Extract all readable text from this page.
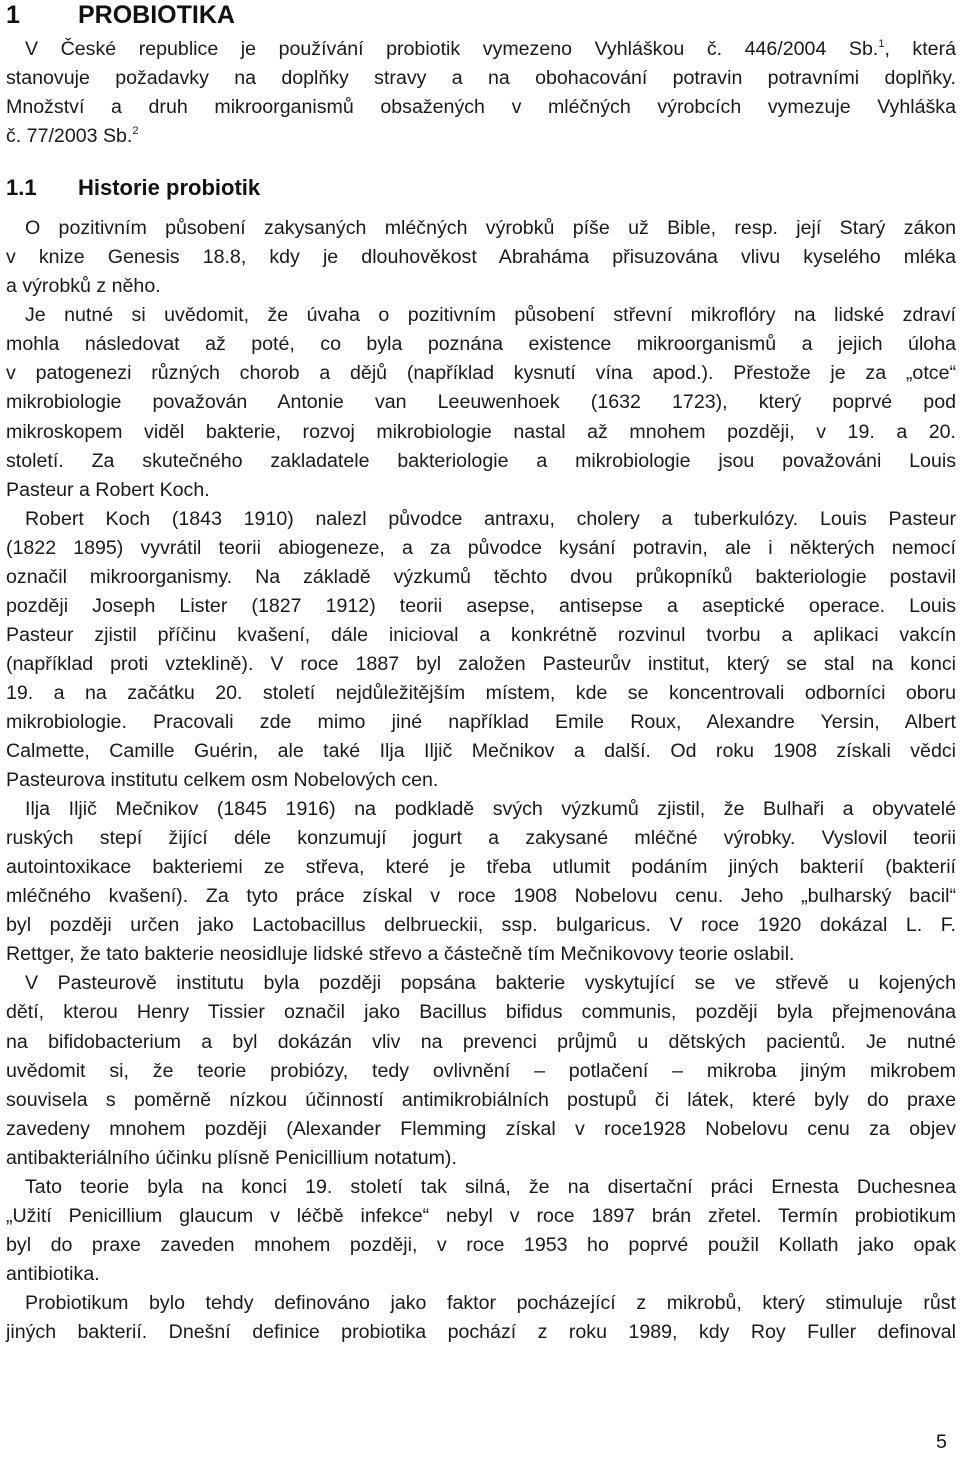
1 PROBIOTIKA
V České republice je používání probiotik vymezeno Vyhláškou č. 446/2004 Sb.$^1$, která
stanovuje požadavky na doplňky stravy a na obohacování potravin potravními doplňky.
Množství a druh mikroorganismů obsažených v mléčných výrobcích vymezuje Vyhláška
č. 77/2003 Sb.$^2$
1.1 Historie probiotik
O pozitivním působení zakysaných mléčných výrobků píše už Bible, resp. její Starý zákon
v knize Genesis 18.8, kdy je dlouhověkost Abraháma přisuzována vlivu kyselého mléka
a výrobků z něho.
Je nutné si uvědomit, že úvaha o pozitivním působení střevní mikroflóry na lidské zdraví
mohla následovat až poté, co byla poznána existence mikroorganismů a jejich úloha
v patogenezi různých chorob a dějů (například kysnutí vína apod.). Přestože je za „otce“
mikrobiologie považován Antonie van Leeuwenhoek (1632 1723), který poprvé pod
mikroskopem viděl bakterie, rozvoj mikrobiologie nastal až mnohem později, v 19. a 20.
století. Za skutečného zakladatele bakteriologie a mikrobiologie jsou považováni Louis
Pasteur a Robert Koch.
Robert Koch (1843 1910) nalezl původce antraxu, cholery a tuberkulózy. Louis Pasteur
(1822 1895) vyvrátil teorii abiogeneze, a za původce kysání potravin, ale i některých nemocí
označil mikroorganismy. Na základě výzkumů těchto dvou průkopníků bakteriologie postavil
později Joseph Lister (1827 1912) teorii asepse, antisepse a aseptické operace. Louis
Pasteur zjistil příčinu kvašení, dále inicioval a konkrétně rozvinul tvorbu a aplikaci vakcín
(například proti vzteklině). V roce 1887 byl založen Pasteurův institut, který se stal na konci
19. a na začátku 20. století nejdůležitějším místem, kde se koncentrovali odborníci oboru
mikrobiologie. Pracovali zde mimo jiné například Emile Roux, Alexandre Yersin, Albert
Calmette, Camille Guérin, ale také Ilja Iljič Mečnikov a další. Od roku 1908 získali vědci
Pasteurova institutu celkem osm Nobelových cen.
Ilja Iljič Mečnikov (1845 1916) na podkladě svých výzkumů zjistil, že Bulhaři a obyvatelé
ruských stepí žijící déle konzumují jogurt a zakysané mléčné výrobky. Vyslovil teorii
autointoxikace bakteriemi ze střeva, které je třeba utlumit podáním jiných bakterií (bakterií
mléčného kvašení). Za tyto práce získal v roce 1908 Nobelovu cenu. Jeho „bulharský bacil“
byl později určen jako Lactobacillus delbrueckii, ssp. bulgaricus. V roce 1920 dokázal L. F.
Rettger, že tato bakterie neosidluje lidské střevo a částečně tím Mečnikovovy teorie oslabil.
V Pasteurově institutu byla později popsána bakterie vyskytující se ve střevě u kojených
dětí, kterou Henry Tissier označil jako Bacillus bifidus communis, později byla přejmenována
na bifidobacterium a byl dokázán vliv na prevenci průjmů u dětských pacientů. Je nutné
uvědomit si, že teorie probiózy, tedy ovlivnění – potlačení – mikroba jiným mikrobem
souvisela s poměrně nízkou účinností antimikrobiálních postupů či látek, které byly do praxe
zavedeny mnohem později (Alexander Flemming získal v roce1928 Nobelovu cenu za objev
antibakteriálního účinku plísně Penicillium notatum).
Tato teorie byla na konci 19. století tak silná, že na disertační práci Ernesta Duchesnea
„Užití Penicillium glaucum v léčbě infekce“ nebyl v roce 1897 brán zřetel. Termín probiotikum
byl do praxe zaveden mnohem později, v roce 1953 ho poprvé použil Kollath jako opak
antibiotika.
Probiotikum bylo tehdy definováno jako faktor pocházející z mikrobů, který stimuluje růst
jiných bakterií. Dnešní definice probiotika pochází z roku 1989, kdy Roy Fuller definoval
5
